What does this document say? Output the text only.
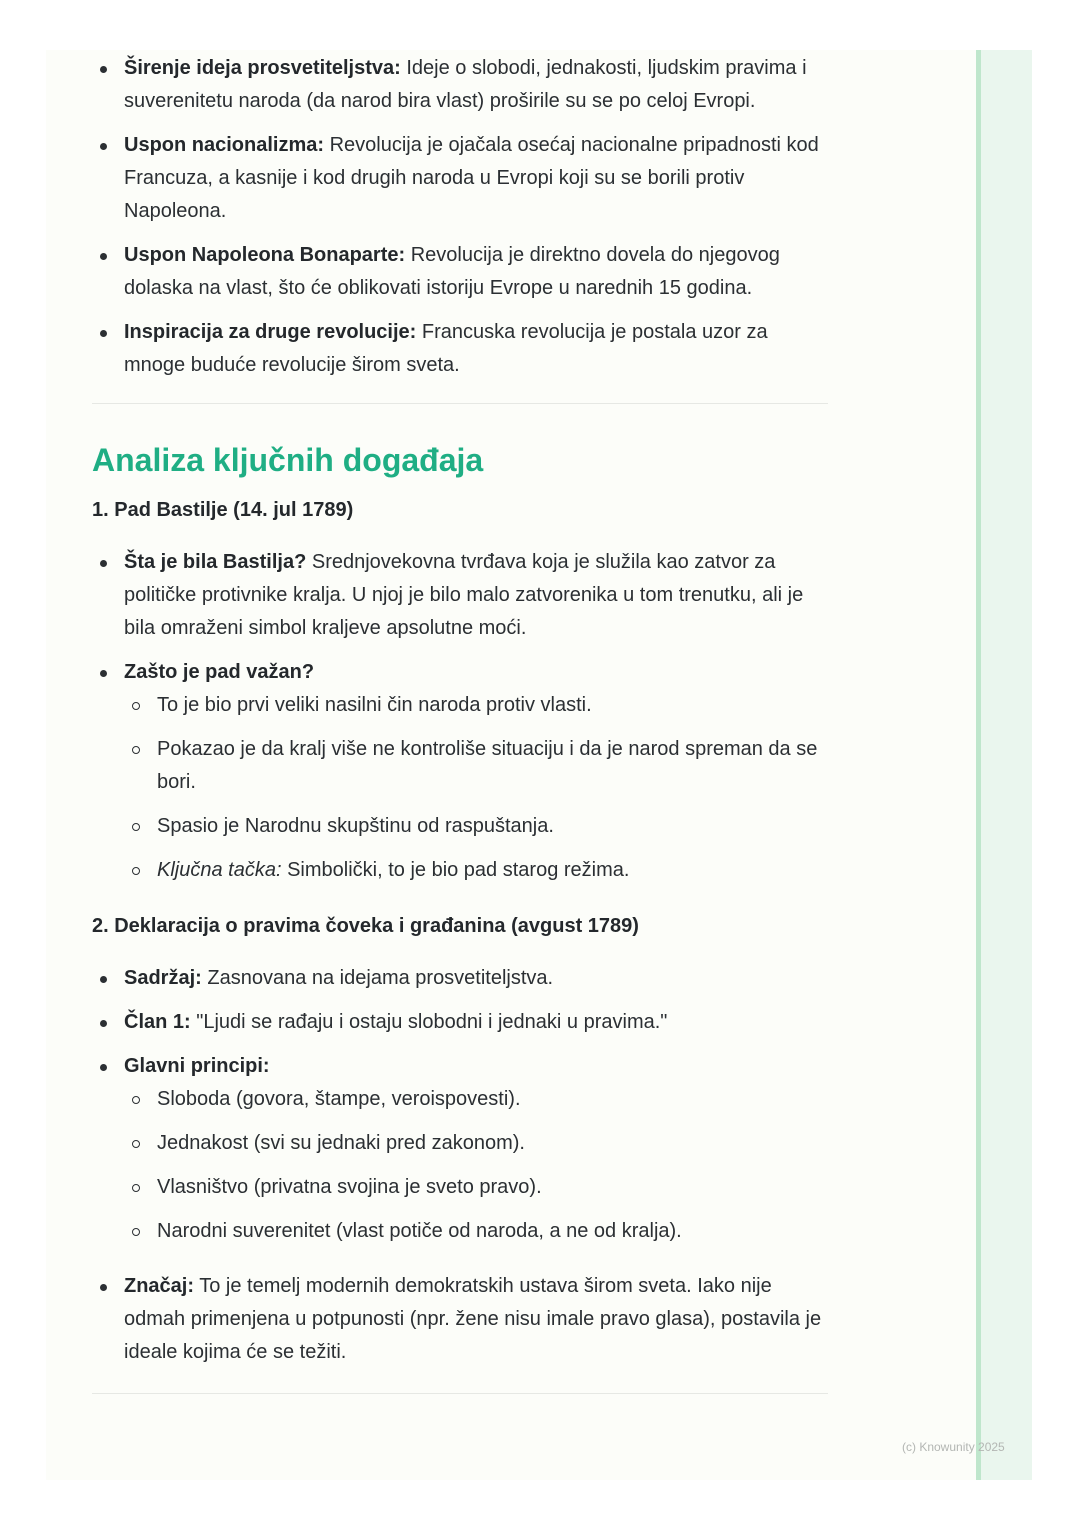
Širenje ideja prosvetiteljstva: Ideje o slobodi, jednakosti, ljudskim pravima i suverenitetu naroda (da narod bira vlast) proširile su se po celoj Evropi.
Uspon nacionalizma: Revolucija je ojačala osećaj nacionalne pripadnosti kod Francuza, a kasnije i kod drugih naroda u Evropi koji su se borili protiv Napoleona.
Uspon Napoleona Bonaparte: Revolucija je direktno dovela do njegovog dolaska na vlast, što će oblikovati istoriju Evrope u narednih 15 godina.
Inspiracija za druge revolucije: Francuska revolucija je postala uzor za mnoge buduće revolucije širom sveta.
Analiza ključnih događaja
1. Pad Bastilje (14. jul 1789)
Šta je bila Bastilja? Srednjovekovna tvrđava koja je služila kao zatvor za političke protivnike kralja. U njoj je bilo malo zatvorenika u tom trenutku, ali je bila omraženi simbol kraljeve apsolutne moći.
Zašto je pad važan?
To je bio prvi veliki nasilni čin naroda protiv vlasti.
Pokazao je da kralj više ne kontroliše situaciju i da je narod spreman da se bori.
Spasio je Narodnu skupštinu od raspuštanja.
Ključna tačka: Simbolički, to je bio pad starog režima.
2. Deklaracija o pravima čoveka i građanina (avgust 1789)
Sadržaj: Zasnovana na idejama prosvetiteljstva.
Član 1: "Ljudi se rađaju i ostaju slobodni i jednaki u pravima."
Glavni principi:
Sloboda (govora, štampe, veroispovesti).
Jednakost (svi su jednaki pred zakonom).
Vlasništvo (privatna svojina je sveto pravo).
Narodni suverenitet (vlast potiče od naroda, a ne od kralja).
Značaj: To je temelj modernih demokratskih ustava širom sveta. Iako nije odmah primenjena u potpunosti (npr. žene nisu imale pravo glasa), postavila je ideale kojima će se težiti.
(c) Knowunity 2025
